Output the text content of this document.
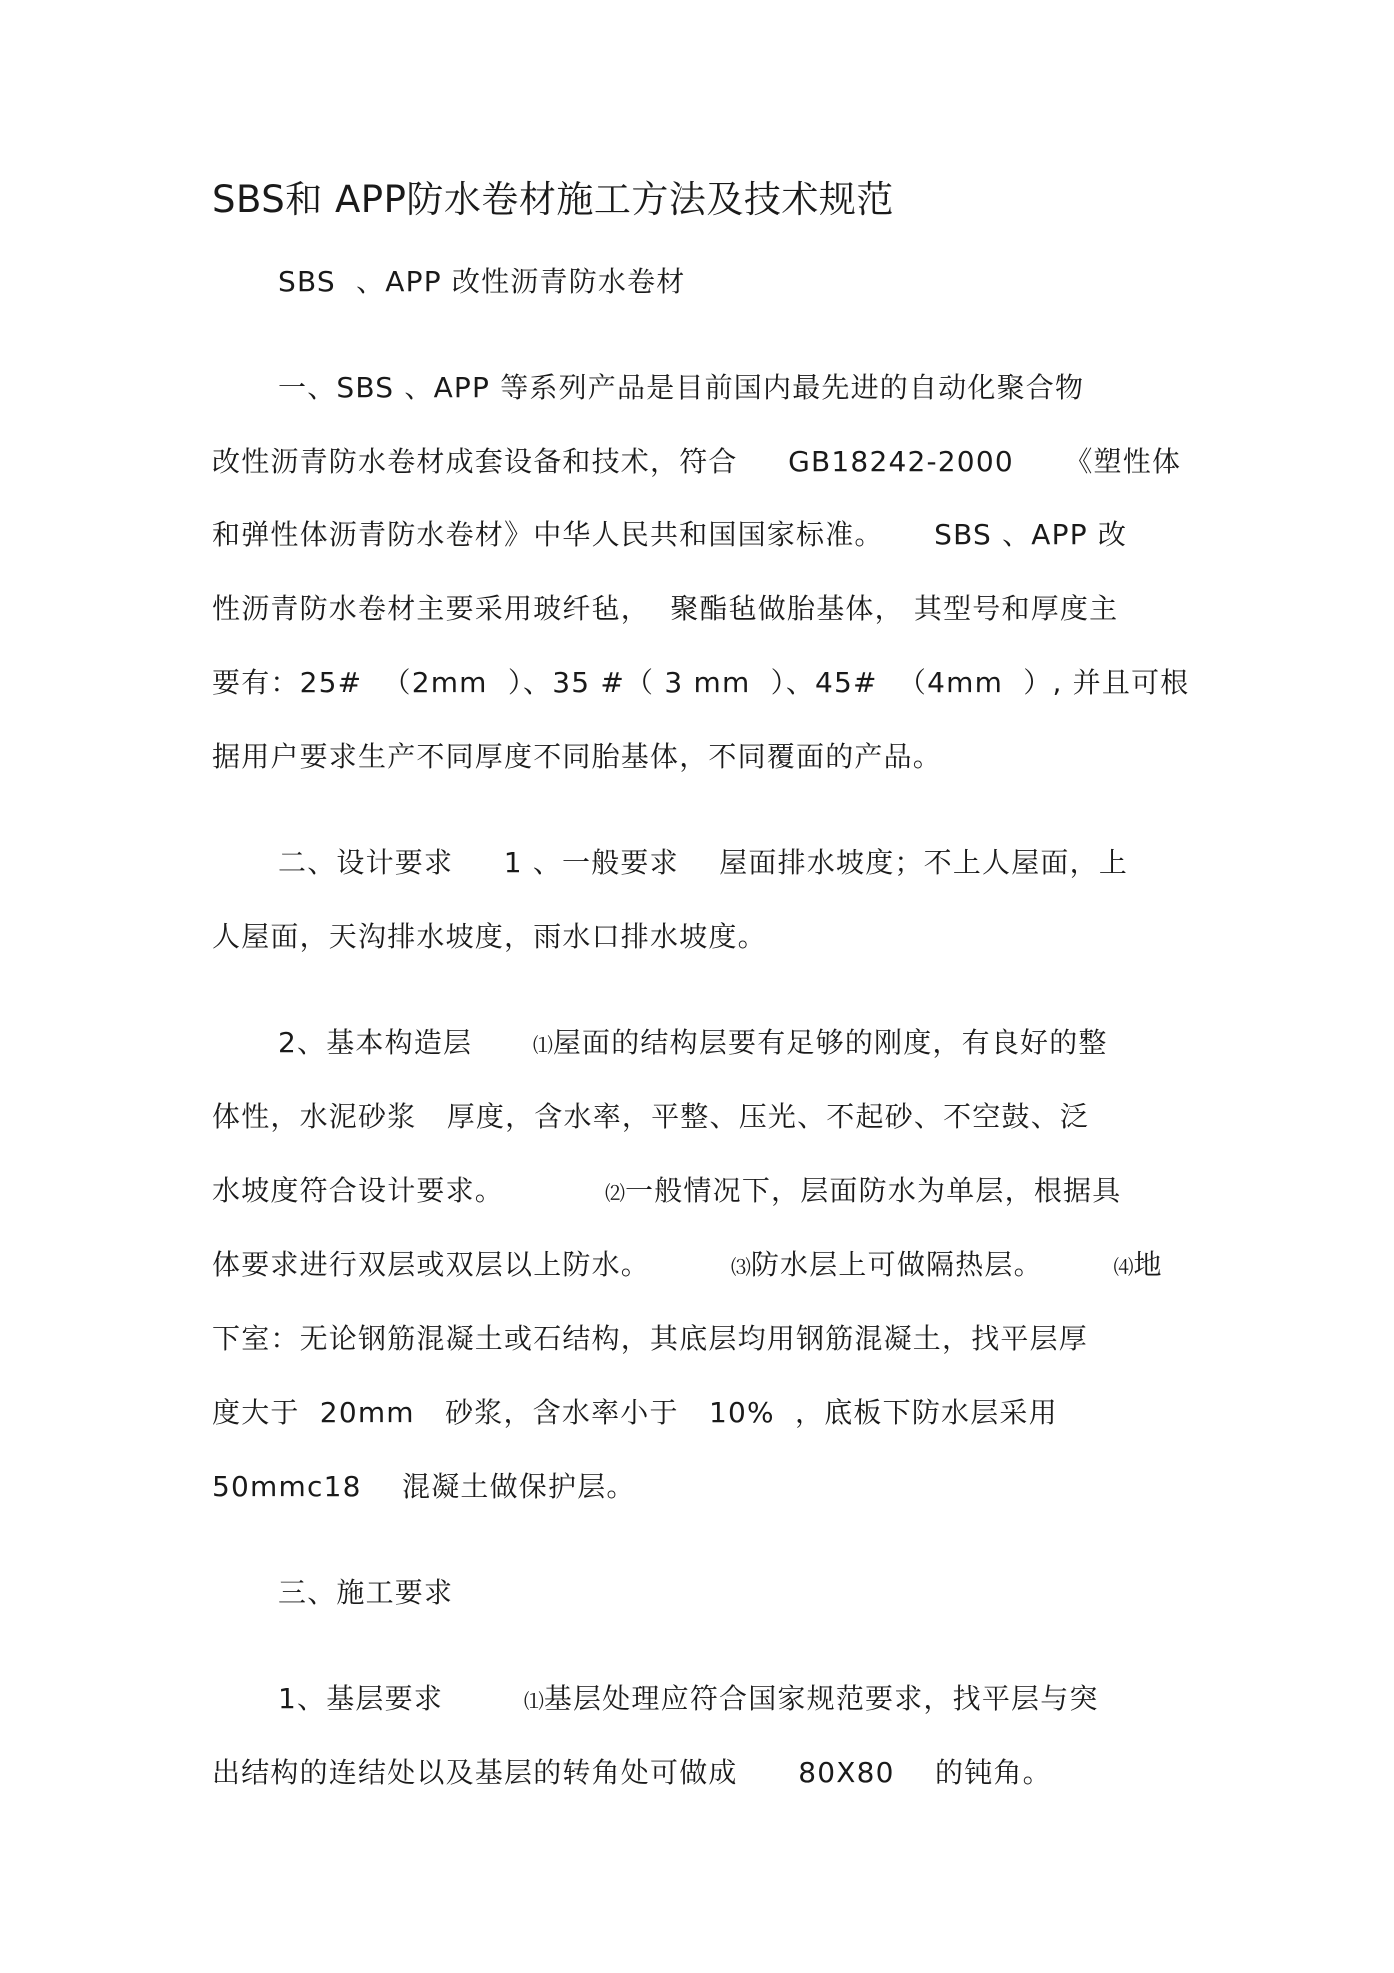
SBS和 APP防水卷材施工方法及技术规范
SBS  、APP 改性沥青防水卷材
一、SBS 、APP 等系列产品是目前国内最先进的自动化聚合物
改性沥青防水卷材成套设备和技术，符合     GB18242-2000     《塑性体
和弹性体沥青防水卷材》中华人民共和国国家标准。     SBS 、APP 改
性沥青防水卷材主要采用玻纤毡，  聚酯毡做胎基体， 其型号和厚度主
要有：25#  （2mm  ）、35 #（ 3 mm  ）、45#  （4mm  ）, 并且可根
据用户要求生产不同厚度不同胎基体，不同覆面的产品。
二、设计要求     1 、一般要求    屋面排水坡度；不上人屋面，上
人屋面，天沟排水坡度，雨水口排水坡度。
2、基本构造层	⑴屋面的结构层要有足够的刚度，有良好的整
体性，水泥砂浆   厚度，含水率，平整、压光、不起砂、不空鼓、泛
水坡度符合设计要求。	⑵一般情况下，层面防水为单层，根据具
体要求进行双层或双层以上防水。	⑶防水层上可做隔热层。	⑷地
下室：无论钢筋混凝土或石结构，其底层均用钢筋混凝土，找平层厚
度大于  20mm   砂浆，含水率小于   10%  ，底板下防水层采用
50mmc18    混凝土做保护层。
三、施工要求
1、基层要求	⑴基层处理应符合国家规范要求，找平层与突
出结构的连结处以及基层的转角处可做成      80X80    的钝角。
